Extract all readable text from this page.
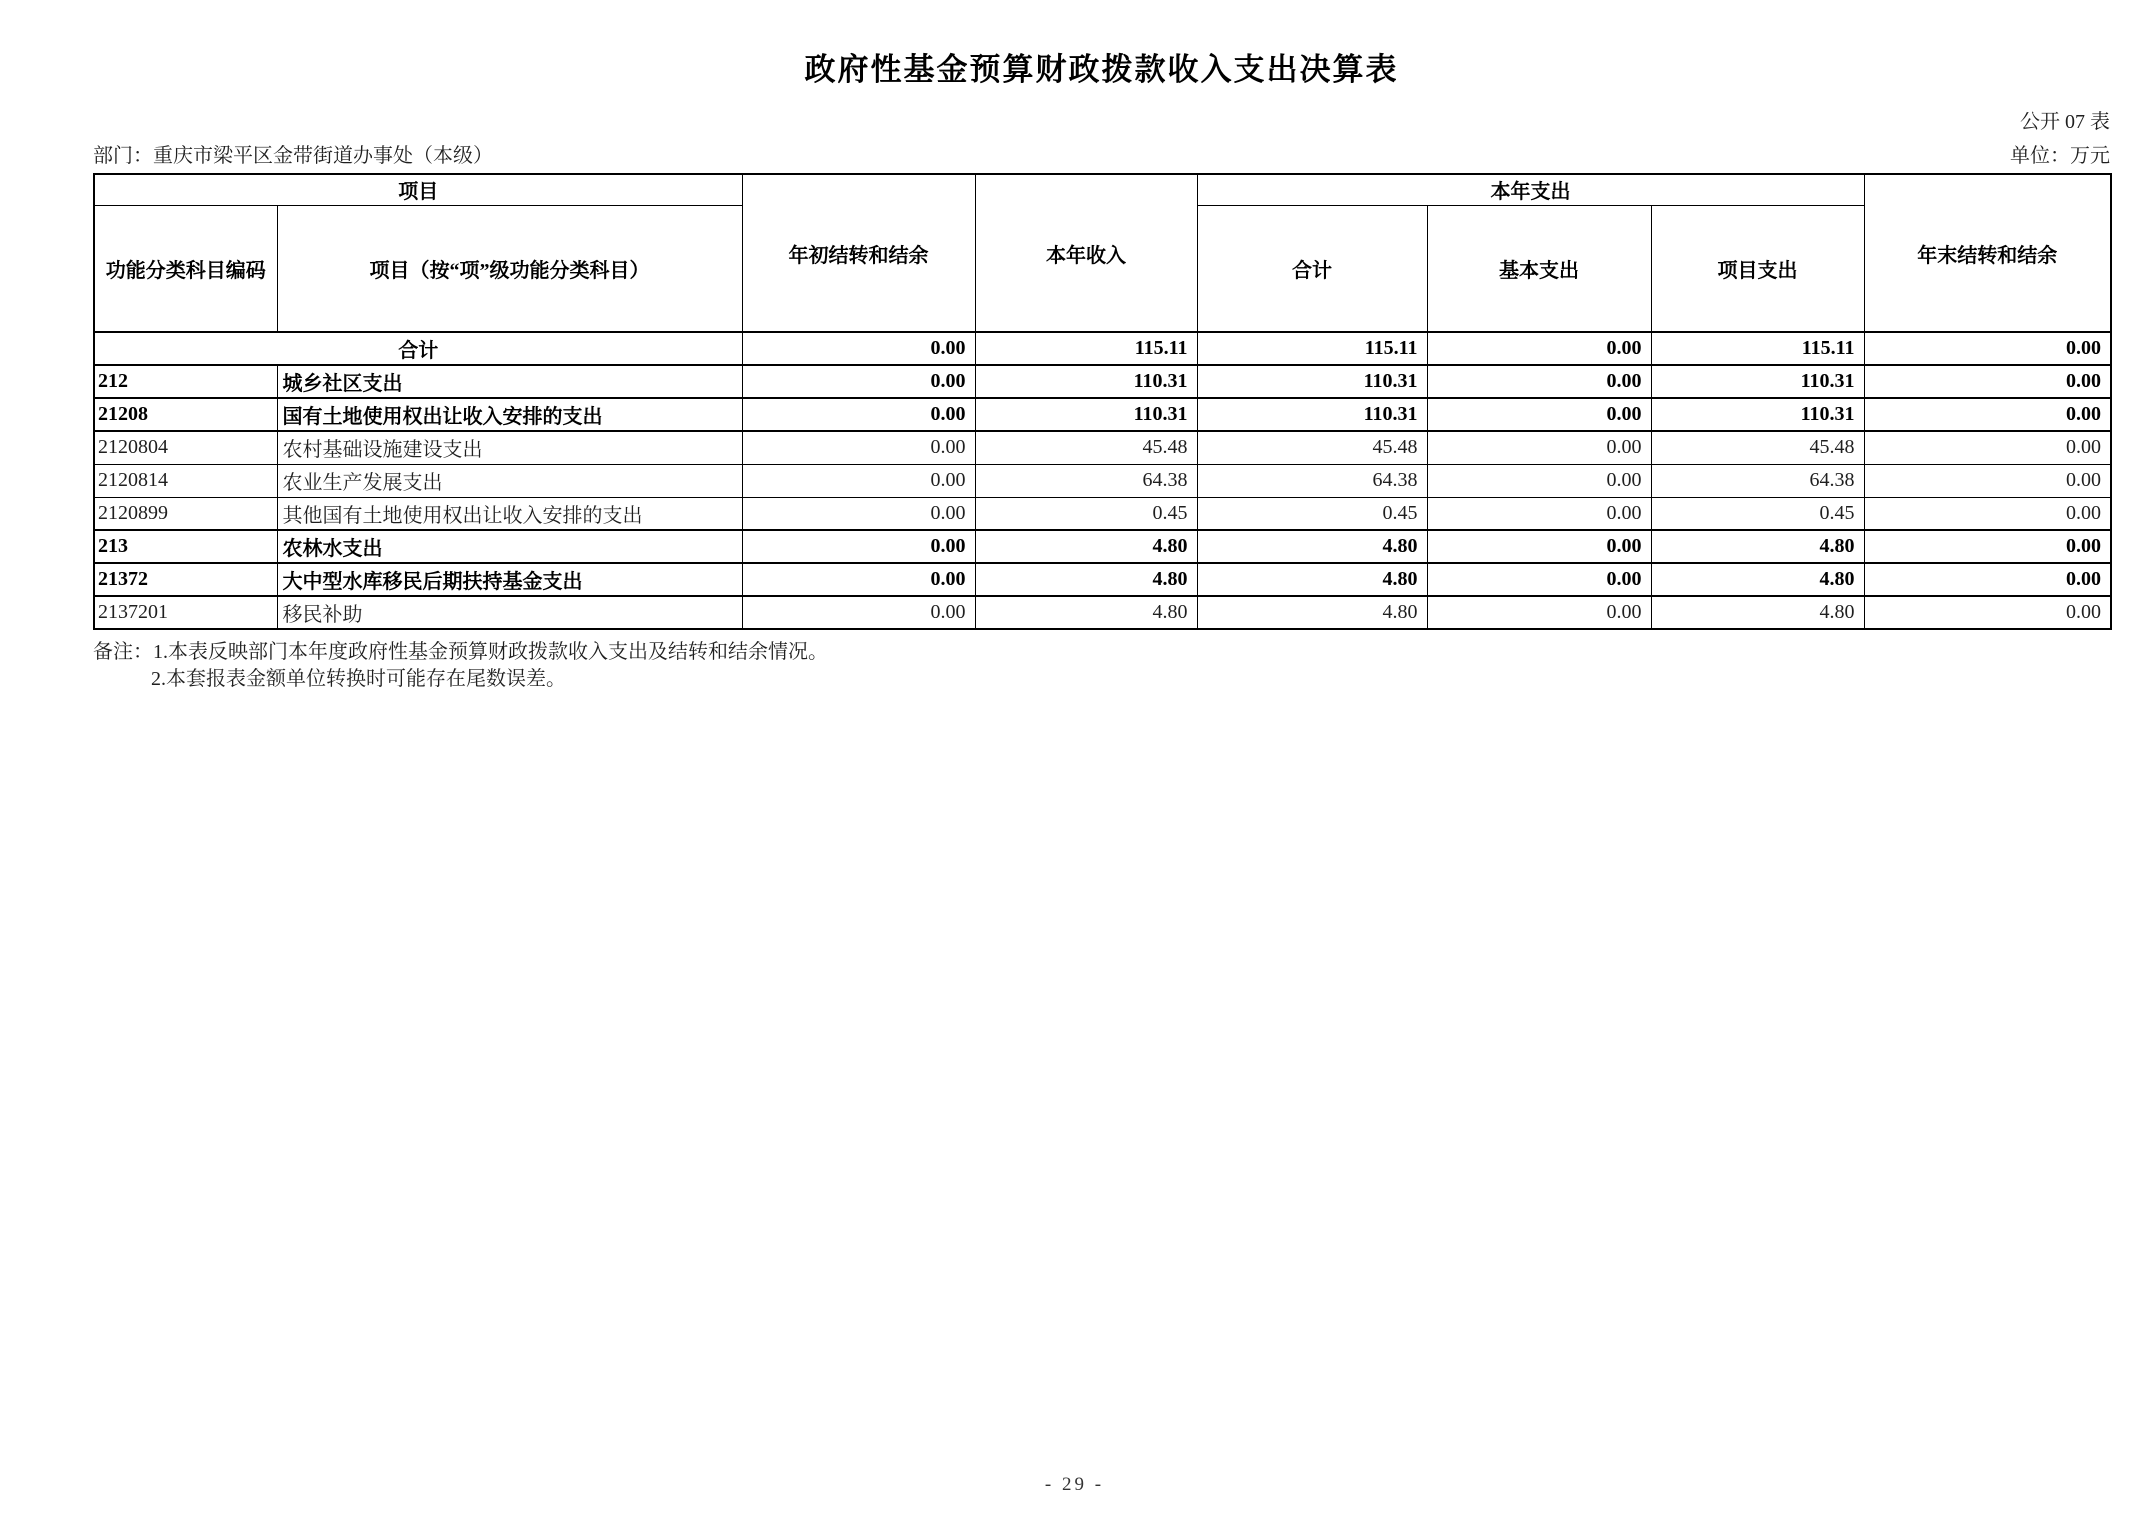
政府性基金预算财政拨款收入支出决算表
公开 07 表
部门：重庆市梁平区金带街道办事处（本级）	单位：万元
项目		年初结转和结余	本年收入	本年支出			年末结转和结余
功能分类科目编码	项目（按“项”级功能分类科目）			合计	基本支出	项目支出	
合计		0.00	115.11	115.11	0.00	115.11	0.00
212	城乡社区支出	0.00	110.31	110.31	0.00	110.31	0.00
21208	国有土地使用权出让收入安排的支出	0.00	110.31	110.31	0.00	110.31	0.00
2120804	农村基础设施建设支出	0.00	45.48	45.48	0.00	45.48	0.00
2120814	农业生产发展支出	0.00	64.38	64.38	0.00	64.38	0.00
2120899	其他国有土地使用权出让收入安排的支出	0.00	0.45	0.45	0.00	0.45	0.00
213	农林水支出	0.00	4.80	4.80	0.00	4.80	0.00
21372	大中型水库移民后期扶持基金支出	0.00	4.80	4.80	0.00	4.80	0.00
2137201	移民补助	0.00	4.80	4.80	0.00	4.80	0.00
备注：1.本表反映部门本年度政府性基金预算财政拨款收入支出及结转和结余情况。
2.本套报表金额单位转换时可能存在尾数误差。
- 29 -
